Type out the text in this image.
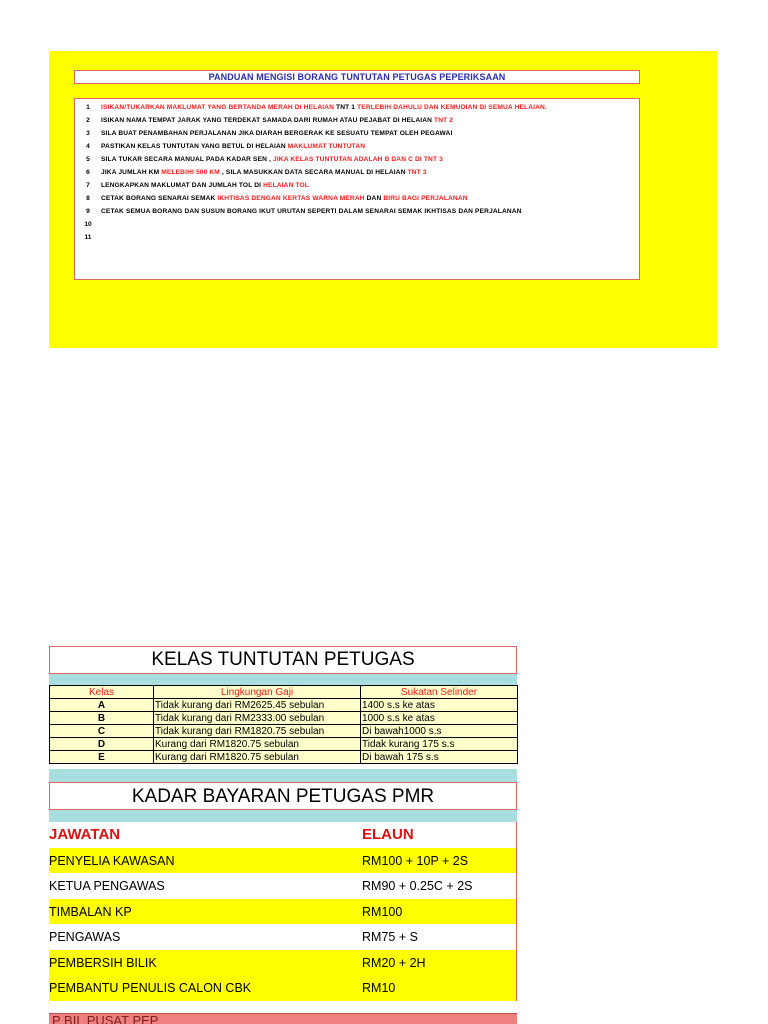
PANDUAN MENGISI BORANG TUNTUTAN PETUGAS PEPERIKSAAN
1	ISIKAN/TUKARKAN MAKLUMAT YANG BERTANDA MERAH DI HELAIAN TNT 1 TERLEBIH DAHULU DAN KEMUDIAN DI SEMUA HELAIAN.
2	ISIKAN NAMA TEMPAT JARAK YANG TERDEKAT SAMADA DARI RUMAH ATAU PEJABAT DI HELAIAN TNT 2
3	SILA BUAT PENAMBAHAN PERJALANAN JIKA DIARAH BERGERAK KE SESUATU TEMPAT OLEH PEGAWAI
4	PASTIKAN KELAS TUNTUTAN YANG BETUL DI HELAIAN MAKLUMAT TUNTUTAN
5	SILA TUKAR SECARA MANUAL PADA KADAR SEN , JIKA KELAS TUNTUTAN ADALAH B DAN C DI TNT 3
6	JIKA JUMLAH KM MELEBIHI 500 KM , SILA MASUKKAN DATA SECARA MANUAL DI HELAIAN TNT 3
7	LENGKAPKAN MAKLUMAT DAN JUMLAH TOL DI HELAIAN TOL
8	CETAK BORANG SENARAI SEMAK IKHTISAS DENGAN KERTAS WARNA MERAH DAN BIRU BAGI PERJALANAN
9	CETAK SEMUA BORANG DAN SUSUN BORANG IKUT URUTAN SEPERTI DALAM SENARAI SEMAK IKHTISAS DAN PERJALANAN
10
11
KELAS TUNTUTAN PETUGAS
Kelas	Lingkungan Gaji	Sukatan Selinder
A	Tidak kurang dari RM2625.45 sebulan	1400 s.s ke atas
B	Tidak kurang dari RM2333.00 sebulan	1000 s.s ke atas
C	Tidak kurang dari RM1820.75 sebulan	Di bawah1000 s.s
D	Kurang dari RM1820.75 sebulan	Tidak kurang 175 s.s
E	Kurang dari RM1820.75 sebulan	Di bawah 175 s.s
KADAR BAYARAN PETUGAS PMR
JAWATAN	ELAUN
PENYELIA KAWASAN	RM100 + 10P + 2S
KETUA PENGAWAS	RM90 + 0.25C + 2S
TIMBALAN KP	RM100
PENGAWAS	RM75 + S
PEMBERSIH BILIK	RM20 + 2H
PEMBANTU PENULIS CALON CBK	RM10
P BIL PUSAT PEP
